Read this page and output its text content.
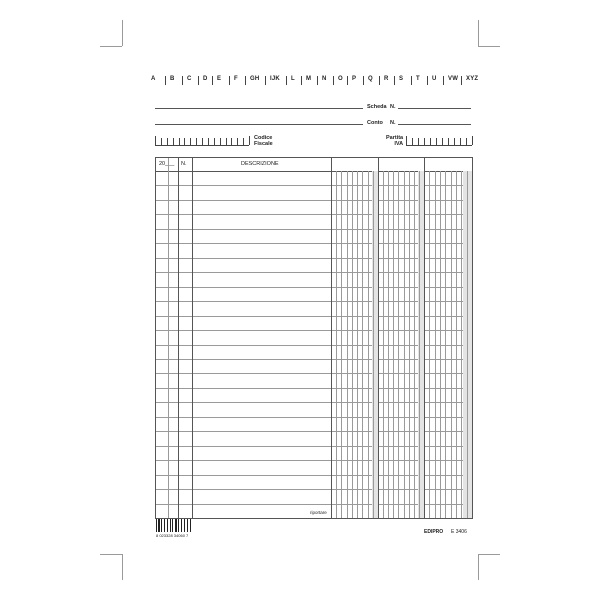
A B C D E F GH IJK L M N O P Q R S T U VW XYZ
Scheda N.
Conto N.
Codice
Fiscale
Partita
IVA
20___ N.	DESCRIZIONE
riportare
8 023328 34060 7
EDIPRO E 3406
